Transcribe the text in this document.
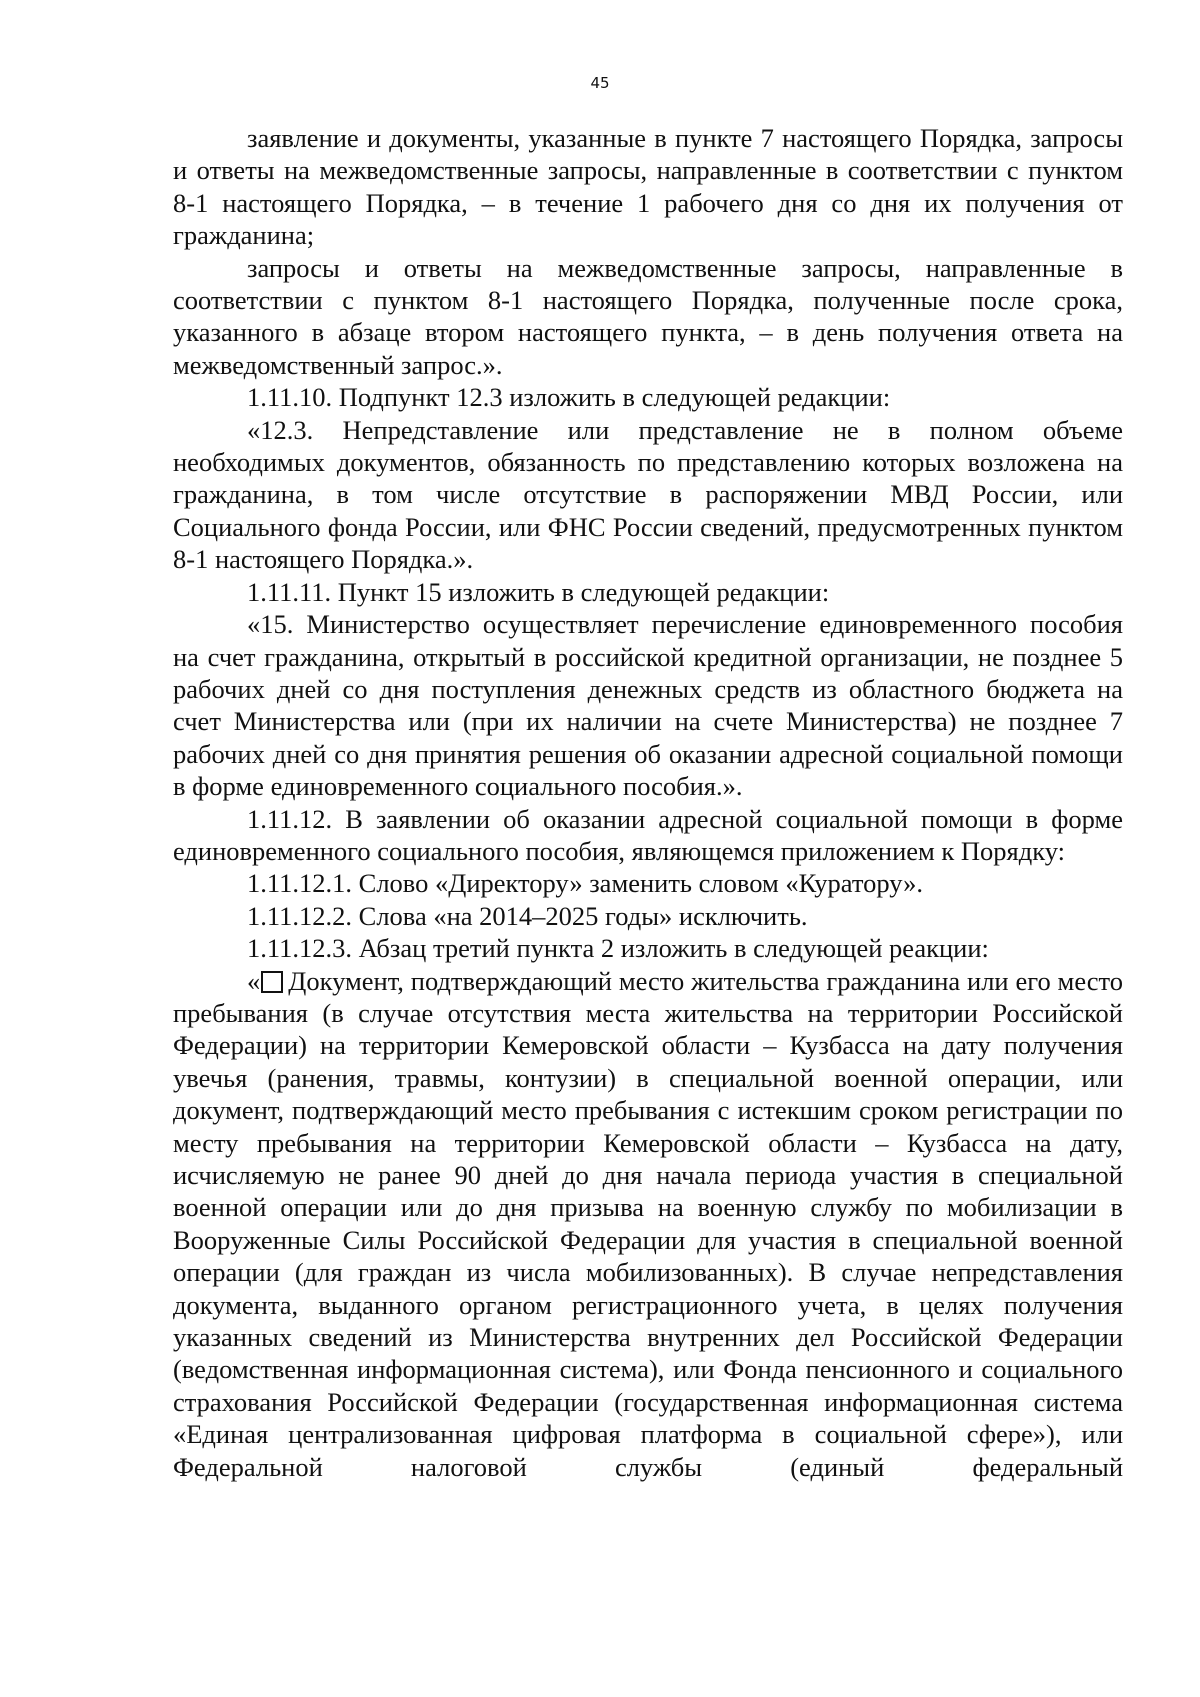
45

заявление и документы, указанные в пункте 7 настоящего Порядка, запросы и ответы на межведомственные запросы, направленные в соответствии с пунктом 8-1 настоящего Порядка, – в течение 1 рабочего дня со дня их получения от гражданина;

запросы и ответы на межведомственные запросы, направленные в соответствии с пунктом 8-1 настоящего Порядка, полученные после срока, указанного в абзаце втором настоящего пункта, – в день получения ответа на межведомственный запрос.».

1.11.10. Подпункт 12.3 изложить в следующей редакции:

«12.3. Непредставление или представление не в полном объеме необходимых документов, обязанность по представлению которых возложена на гражданина, в том числе отсутствие в распоряжении МВД России, или Социального фонда России, или ФНС России сведений, предусмотренных пунктом 8-1 настоящего Порядка.».

1.11.11. Пункт 15 изложить в следующей редакции:

«15. Министерство осуществляет перечисление единовременного пособия на счет гражданина, открытый в российской кредитной организации, не позднее 5 рабочих дней со дня поступления денежных средств из областного бюджета на счет Министерства или (при их наличии на счете Министерства) не позднее 7 рабочих дней со дня принятия решения об оказании адресной социальной помощи в форме единовременного социального пособия.».

1.11.12. В заявлении об оказании адресной социальной помощи в форме единовременного социального пособия, являющемся приложением к Порядку:

1.11.12.1. Слово «Директору» заменить словом «Куратору».

1.11.12.2. Слова «на 2014–2025 годы» исключить.

1.11.12.3. Абзац третий пункта 2 изложить в следующей реакции:

« Документ, подтверждающий место жительства гражданина или его место пребывания (в случае отсутствия места жительства на территории Российской Федерации) на территории Кемеровской области – Кузбасса на дату получения увечья (ранения, травмы, контузии) в специальной военной операции, или документ, подтверждающий место пребывания с истекшим сроком регистрации по месту пребывания на территории Кемеровской области – Кузбасса на дату, исчисляемую не ранее 90 дней до дня начала периода участия в специальной военной операции или до дня призыва на военную службу по мобилизации в Вооруженные Силы Российской Федерации для участия в специальной военной операции (для граждан из числа мобилизованных). В случае непредставления документа, выданного органом регистрационного учета, в целях получения указанных сведений из Министерства внутренних дел Российской Федерации (ведомственная информационная система), или Фонда пенсионного и социального страхования Российской Федерации (государственная информационная система «Единая централизованная цифровая платформа в социальной сфере»), или Федеральной налоговой службы (единый федеральный
